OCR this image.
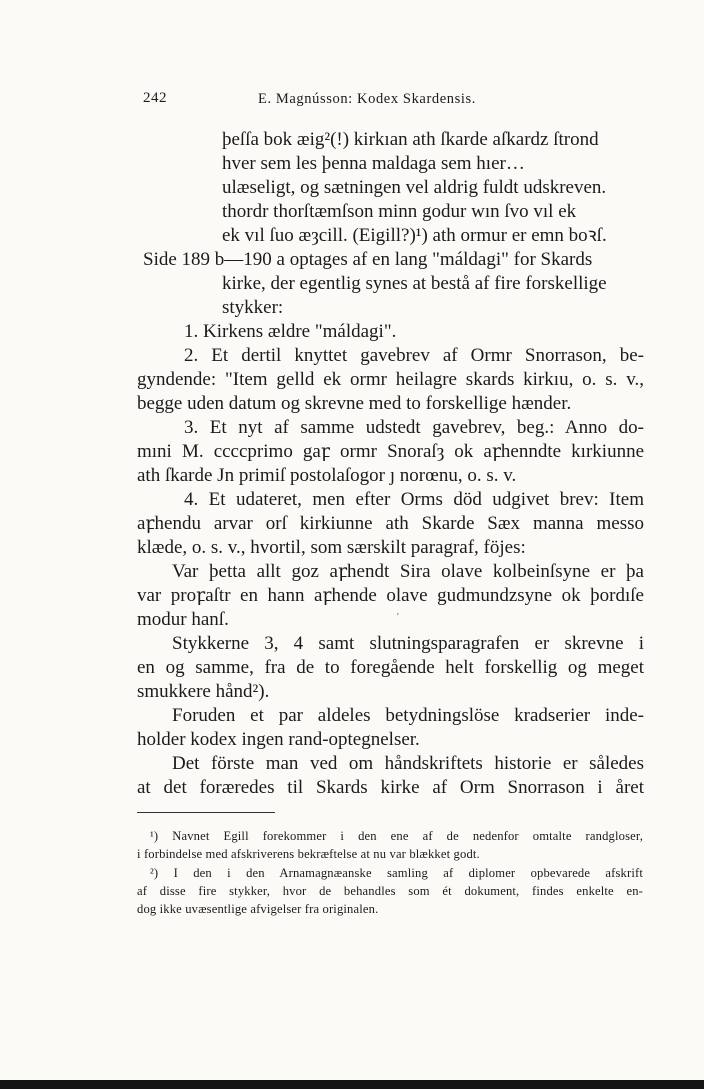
242	E. Magnússon: Kodex Skardensis.
þeſſa bok æig²(!) kirkıan ath ſkarde aſkardz ſtrond
hver sem les þenna maldaga sem hıer…
ulæseligt, og sætningen vel aldrig fuldt udskreven.
thordr thorſtæmſson minn godur wın ſvo vıl ek
ek vıl ſuo æȝcill. (Eigill?)¹) ath ormur er emn boꝛſ.
Side 189 b—190 a optages af en lang "máldagi" for Skards
kirke, der egentlig synes at bestå af fire forskellige
stykker:
1. Kirkens ældre "máldagi".
2. Et dertil knyttet gavebrev af Ormr Snorrason, be-
gyndende: "Item gelld ek ormr heilagre skards kirkıu, o. s. v.,
begge uden datum og skrevne med to forskellige hænder.
3. Et nyt af samme udstedt gavebrev, beg.: Anno do-
mıni M. ccccprimo gaꝼ ormr Snoraſȝ ok aꝼhenndte kırkiunne
ath ſkarde Jn primiſ postolaſogor ȷ norœnu, o. s. v.
4. Et udateret, men efter Orms död udgivet brev: Item
aꝼhendu arvar orſ kirkiunne ath Skarde Sæx manna messo
klæde, o. s. v., hvortil, som særskilt paragraf, föjes:
Var þetta allt goz aꝼhendt Sira olave kolbeinſsyne er þa
var proꝼaſtr en hann aꝼhende olave gudmundzsyne ok þordıſe
modur hanſ.	'
Stykkerne 3, 4 samt slutningsparagrafen er skrevne i
en og samme, fra de to foregående helt forskellig og meget
smukkere hånd²).
Foruden et par aldeles betydningslöse kradserier inde-
holder kodex ingen rand-optegnelser.
Det förste man ved om håndskriftets historie er således
at det foræredes til Skards kirke af Orm Snorrason i året
¹) Navnet Egill forekommer i den ene af de nedenfor omtalte randgloser,
i forbindelse med afskriverens bekræftelse at nu var blækket godt.
²) I den i den Arnamagnæanske samling af diplomer opbevarede afskrift
af disse fire stykker, hvor de behandles som ét dokument, findes enkelte en-
dog ikke uvæsentlige afvigelser fra originalen.
